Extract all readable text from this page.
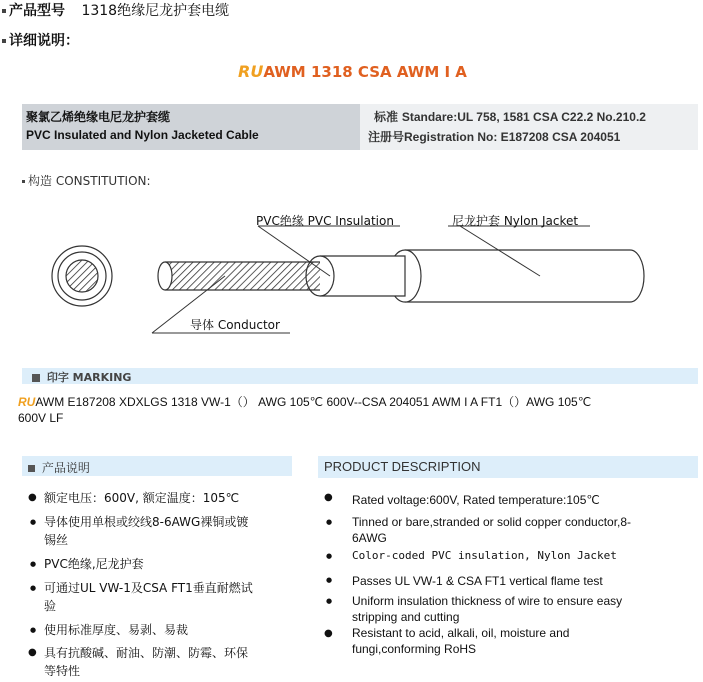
产品型号 1318绝缘尼龙护套电缆
详细说明：
RUAWM 1318 CSA AWM Ⅰ A
聚氯乙烯绝缘电尼龙护套缆
PVC Insulated and Nylon Jacketed Cable
标准 Standare:UL 758, 1581 CSA C22.2 No.210.2
注册号Registration No: E187208 CSA 204051
构造 CONSTITUTION:
PVC绝缘 PVC Insulation	尼龙护套 Nylon Jacket
导体 Conductor
印字 MARKING
RUAWM E187208 XDXLGS 1318 VW-1（） AWG 105℃ 600V--CSA 204051 AWM I A FT1（）AWG 105℃
600V LF
产品说明
● 额定电压：600V, 额定温度：105℃
● 导体使用单根或绞线8-6AWG裸铜或镀
锡丝
● PVC绝缘,尼龙护套
● 可通过UL VW-1及CSA FT1垂直耐燃试
验
● 使用标准厚度、易剥、易裁
● 具有抗酸碱、耐油、防潮、防霉、环保
等特性
PRODUCT DESCRIPTION
● Rated voltage:600V, Rated temperature:105℃
● Tinned or bare,stranded or solid copper conductor,8-
6AWG
● Color-coded PVC insulation, Nylon Jacket
● Passes UL VW-1 & CSA FT1 vertical flame test
● Uniform insulation thickness of wire to ensure easy
stripping and cutting
● Resistant to acid, alkali, oil, moisture and
fungi,conforming RoHS
